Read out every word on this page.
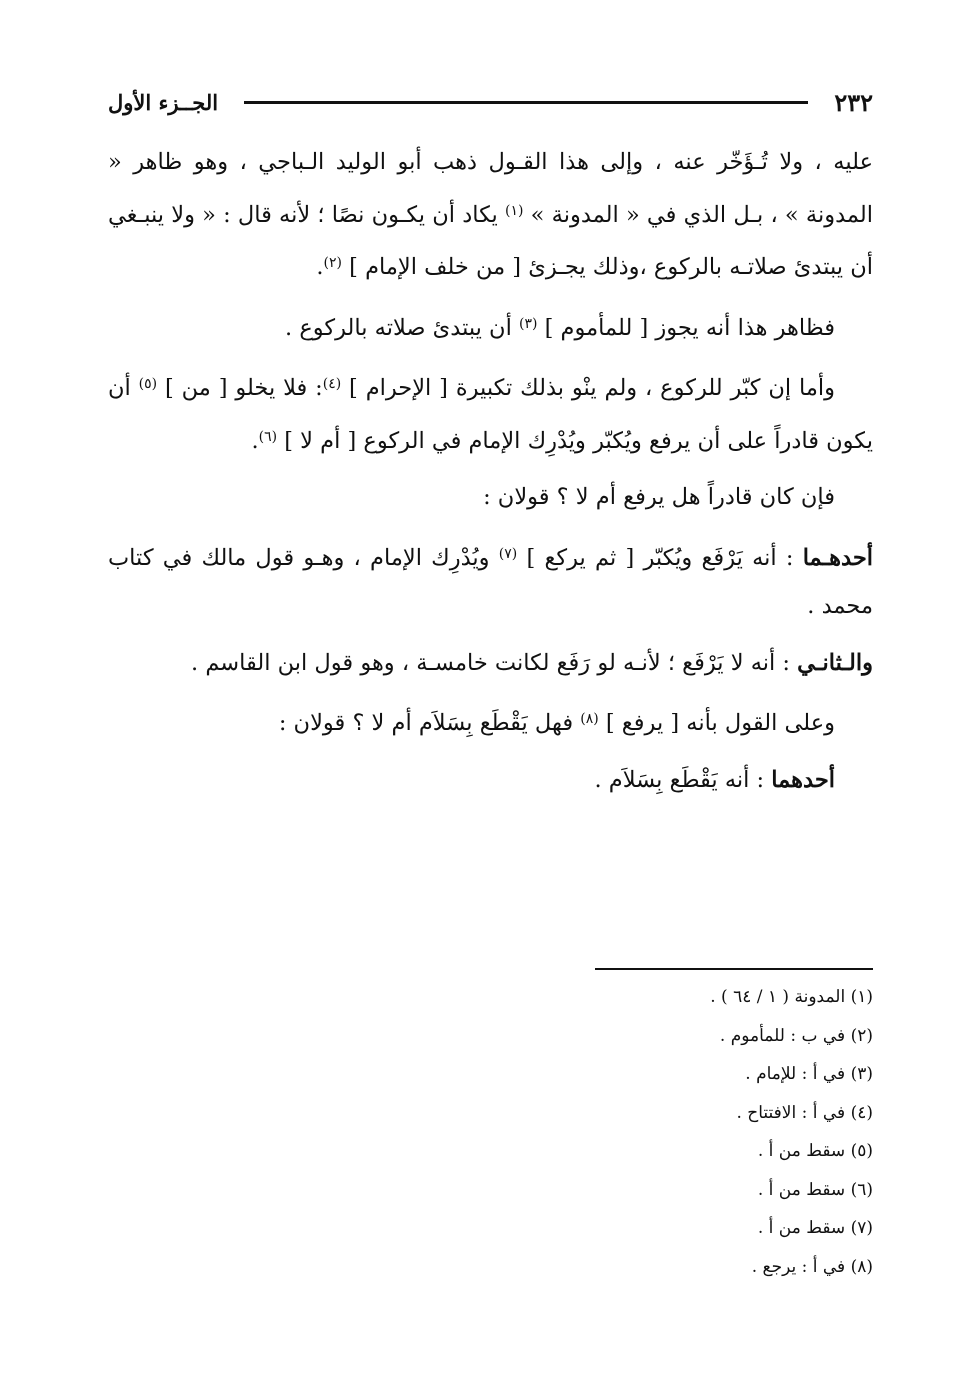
٢٣٢
الجــزء الأول

عليه ، ولا تُـؤَخّر عنه ، وإلى هذا القـول ذهب أبو الوليد الـباجي ، وهو ظاهر « المدونة » ، بـل الذي في « المدونة » $^{(١)}$ يكاد أن يكـون نصًا ؛ لأنه قال : « ولا ينبـغي أن يبتدئ صلاتـه بالركوع ،وذلك يجـزئ [ من خلف الإمام ] $^{(٢)}$.

فظاهر هذا أنه يجوز [ للمأموم ] $^{(٣)}$ أن يبتدئ صلاته بالركوع .

وأما إن كبّر للركوع ، ولم ينْو بذلك تكبيرة [ الإحرام ] $^{(٤)}$: فلا يخلو [ من ] $^{(٥)}$ أن يكون قادراً على أن يرفع ويُكبّر ويُدْرِك الإمام في الركوع [ أم لا ] $^{(٦)}$.

فإن كان قادراً هل يرفع أم لا ؟ قولان :

أحدهـما : أنه يَرْفَع ويُكبّر [ ثم يركع ] $^{(٧)}$ ويُدْرِك الإمام ، وهـو قول مالك في كتاب محمد .

والـثانـي : أنه لا يَرْفَع ؛ لأنـه لو رَفَع لكانت خامسـة ، وهو قول ابن القاسم .

وعلى القول بأنه [ يرفع ] $^{(٨)}$ فهل يَقْطَع بِسَلاَم أم لا ؟ قولان :

أحدهما : أنه يَقْطَع بِسَلاَم .

(١) المدونة ( ١ / ٦٤ ) .
(٢) في ب : للمأموم .
(٣) في أ : للإمام .
(٤) في أ : الافتتاح .
(٥) سقط من أ .
(٦) سقط من أ .
(٧) سقط من أ .
(٨) في أ : يرجع .
